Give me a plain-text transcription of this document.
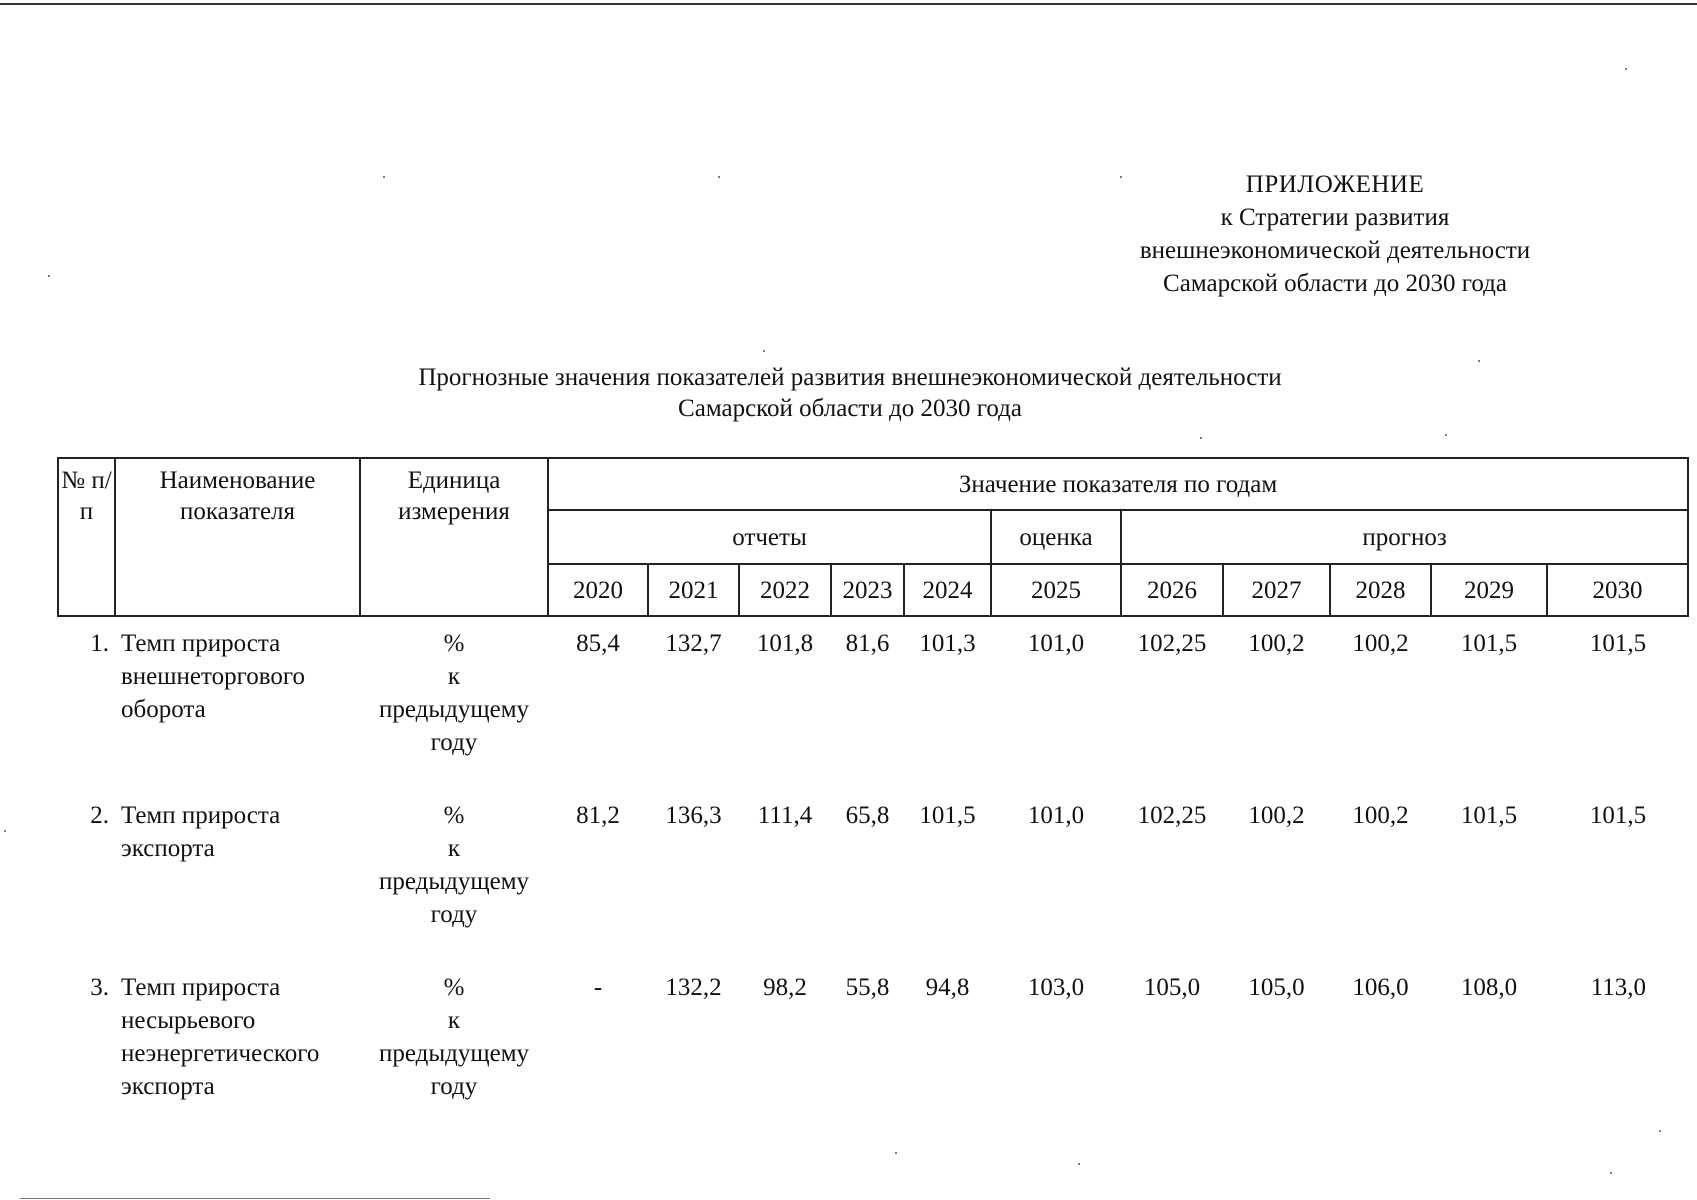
ПРИЛОЖЕНИЕ
к Стратегии развития
внешнеэкономической деятельности
Самарской области до 2030 года
Прогнозные значения показателей развития внешнеэкономической деятельности
Самарской области до 2030 года
№ п/п	Наименование показателя	Единица измерения	Значение показателя по годам										
			отчеты					оценка	прогноз				
			2020	2021	2022	2023	2024	2025	2026	2027	2028	2029	2030
1.	Темп прироста внешнеторгового оборота	%
к
предыдущему
году	85,4	132,7	101,8	81,6	101,3	101,0	102,25	100,2	100,2	101,5	101,5
2.	Темп прироста экспорта	%
к
предыдущему
году	81,2	136,3	111,4	65,8	101,5	101,0	102,25	100,2	100,2	101,5	101,5
3.	Темп прироста несырьевого неэнергетического экспорта	%
к
предыдущему
году	-	132,2	98,2	55,8	94,8	103,0	105,0	105,0	106,0	108,0	113,0
